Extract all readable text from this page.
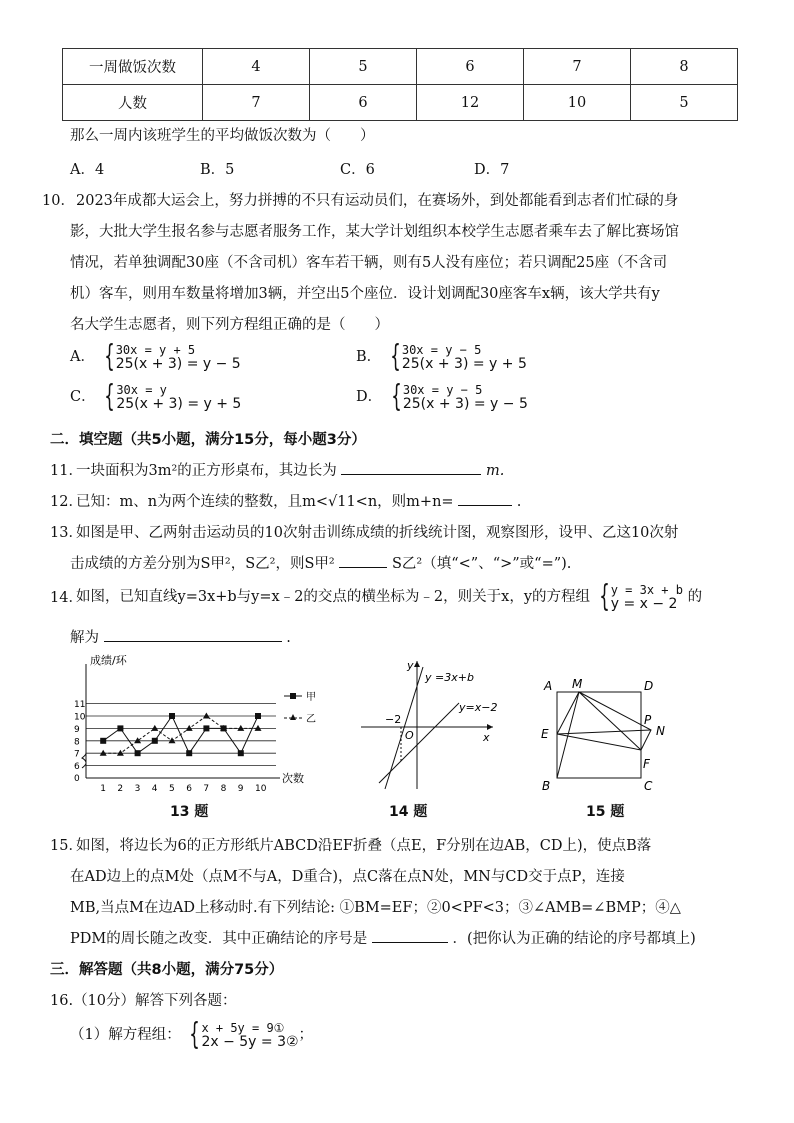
一周做饭次数	4	5	6	7	8
人数	7	6	12	10	5
那么一周内该班学生的平均做饭次数为（　　）
A．4	B．5	C．6	D．7
10． 2023年成都大运会上，努力拼搏的不只有运动员们，在赛场外，到处都能看到志者们忙碌的身
影，大批大学生报名参与志愿者服务工作，某大学计划组织本校学生志愿者乘车去了解比赛场馆
情况，若单独调配30座（不含司机）客车若干辆，则有5人没有座位；若只调配25座（不含司
机）客车，则用车数量将增加3辆，并空出5个座位．设计划调配30座客车x辆，该大学共有y
名大学生志愿者，则下列方程组正确的是（　　）
A． { 30x = y + 5
25(x + 3) = y − 5	B． { 30x = y − 5
25(x + 3) = y + 5
C． { 30x = y
25(x + 3) = y + 5	D． { 30x = y − 5
25(x + 3) = y − 5
二．填空题（共5小题，满分15分，每小题3分）
11．
一块面积为3m²的正方形桌布，其边长为	m.
12．
已知：m、n为两个连续的整数，且m<√11<n，则m+n=	.
13．
如图是甲、乙两射击运动员的10次射击训练成绩的折线统计图，观察图形，设甲、乙这10次射
击成绩的方差分别为S甲²，S乙²，则S甲²	S乙²（填“<”、“>”或“=”).
14．
如图，已知直线y=3x+b与y=x﹣2的交点的横坐标为﹣2，则关于x，y的方程组 { y = 3x + b
y = x − 2 的
解为	.
成绩/环
0
6
7
8
9
10
11
1 2 3 4 5 6 7 8 9 10
次数
甲
乙
13 题
y
x
O
−2
y =3x+b
y=x−2
14 题
A M	D
P
N
E
F
B	C
15 题
15．
如图，将边长为6的正方形纸片ABCD沿EF折叠（点E，F分别在边AB，CD上)，使点B落
在AD边上的点M处（点M不与A，D重合)，点C落在点N处，MN与CD交于点P，连接
MB,当点M在边AD上移动时.有下列结论: ①BM=EF；②0<PF<3；③∠AMB=∠BMP；④△
PDM的周长随之改变．其中正确结论的序号是	．(把你认为正确的结论的序号都填上)
三．解答题（共8小题，满分75分）
16.（10分）解答下列各题：
（1）解方程组： { x + 5y = 9①
2x − 5y = 3② ；
